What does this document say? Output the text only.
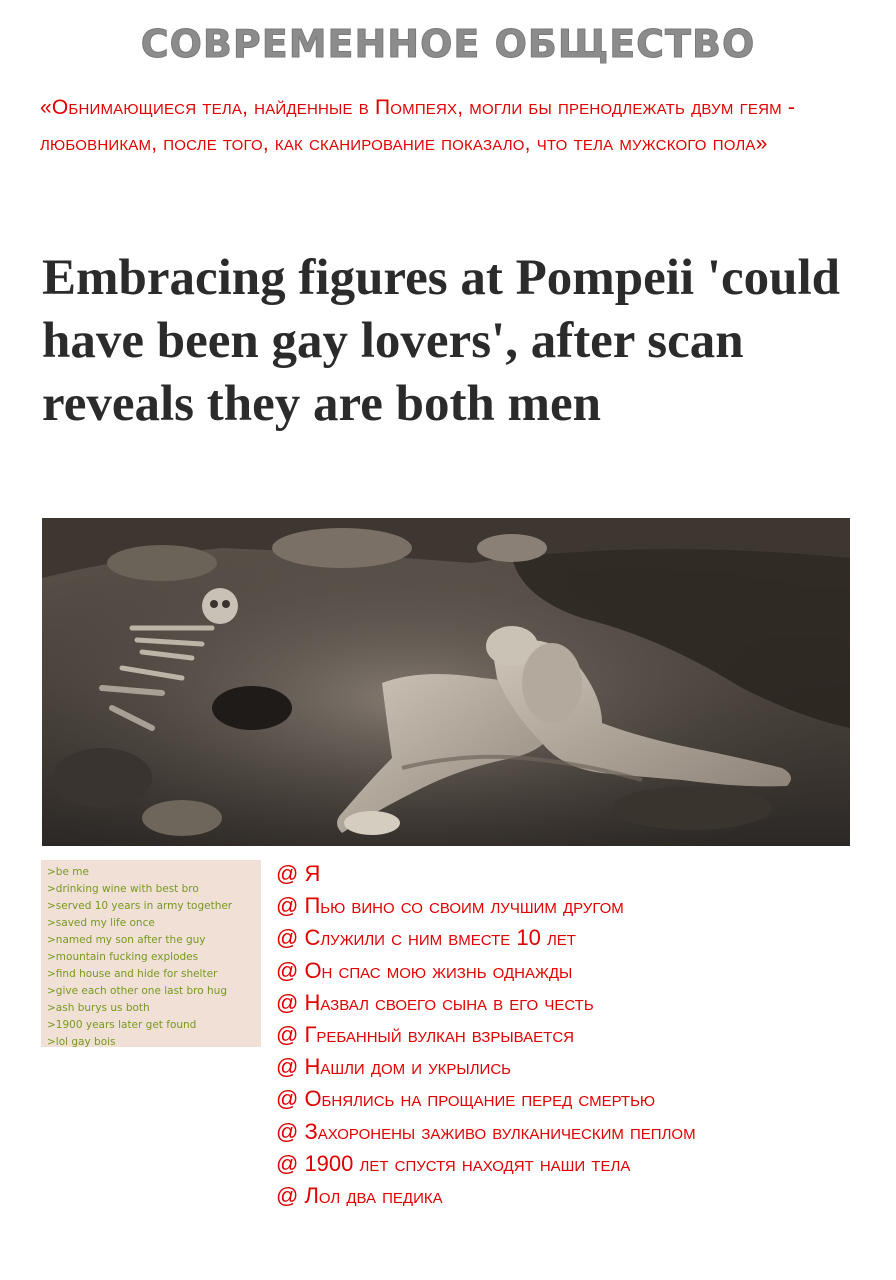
СОВРЕМЕННОЕ ОБЩЕСТВО
«Обнимающиеся тела, найденные в Помпеях, могли бы пренодлежать двум геям - любовникам, после того, как сканирование показало, что тела мужского пола»
Embracing figures at Pompeii 'could have been gay lovers', after scan reveals they are both men
>be me
>drinking wine with best bro
>served 10 years in army together
>saved my life once
>named my son after the guy
>mountain fucking explodes
>find house and hide for shelter
>give each other one last bro hug
>ash burys us both
>1900 years later get found
>lol gay bois
@ Я
@ Пью вино со своим лучшим другом
@ Служили с ним вместе 10 лет
@ Он спас мою жизнь однажды
@ Назвал своего сына в его честь
@ Гребанный вулкан взрывается
@ Нашли дом и укрылись
@ Обнялись на прощание перед смертью
@ Захоронены заживо вулканическим пеплом
@ 1900 лет спустя находят наши тела
@ Лол два педика
